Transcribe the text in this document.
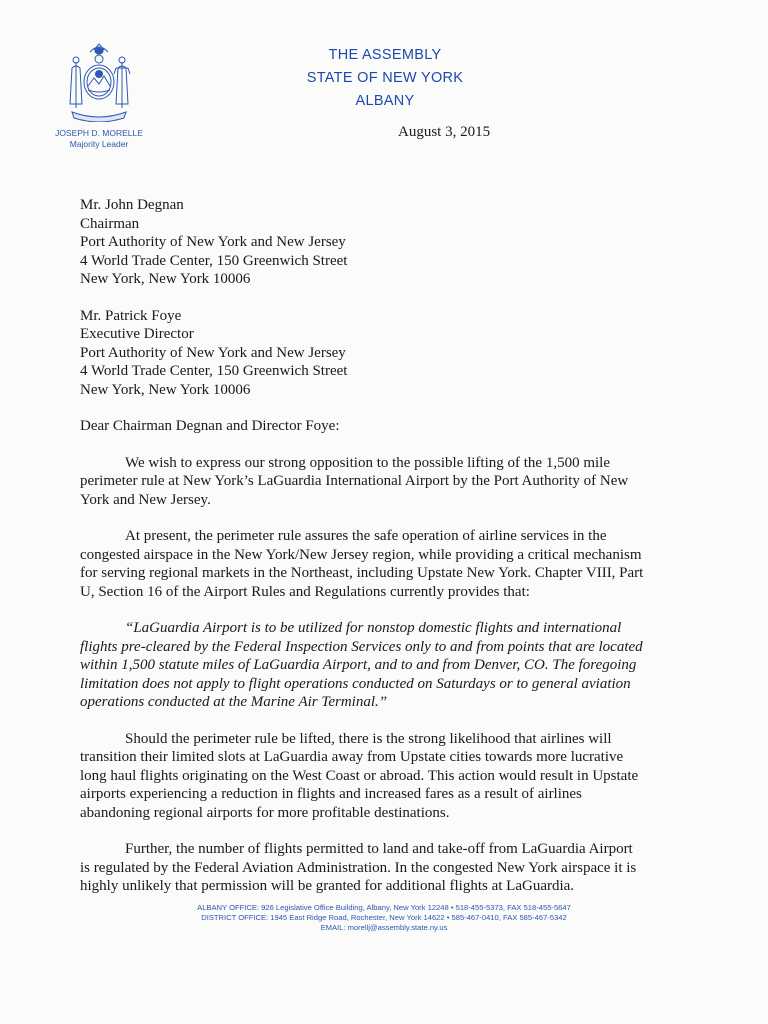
JOSEPH D. MORELLE
Majority Leader
THE ASSEMBLY
STATE OF NEW YORK
ALBANY
August 3, 2015
Mr. John Degnan
Chairman
Port Authority of New York and New Jersey
4 World Trade Center, 150 Greenwich Street
New York, New York 10006
Mr. Patrick Foye
Executive Director
Port Authority of New York and New Jersey
4 World Trade Center, 150 Greenwich Street
New York, New York 10006
Dear Chairman Degnan and Director Foye:

We wish to express our strong opposition to the possible lifting of the 1,500 mile perimeter rule at New York’s LaGuardia International Airport by the Port Authority of New York and New Jersey.

At present, the perimeter rule assures the safe operation of airline services in the congested airspace in the New York/New Jersey region, while providing a critical mechanism for serving regional markets in the Northeast, including Upstate New York. Chapter VIII, Part U, Section 16 of the Airport Rules and Regulations currently provides that:

“LaGuardia Airport is to be utilized for nonstop domestic flights and international flights pre-cleared by the Federal Inspection Services only to and from points that are located within 1,500 statute miles of LaGuardia Airport, and to and from Denver, CO. The foregoing limitation does not apply to flight operations conducted on Saturdays or to general aviation operations conducted at the Marine Air Terminal.”

Should the perimeter rule be lifted, there is the strong likelihood that airlines will transition their limited slots at LaGuardia away from Upstate cities towards more lucrative long haul flights originating on the West Coast or abroad. This action would result in Upstate airports experiencing a reduction in flights and increased fares as a result of airlines abandoning regional airports for more profitable destinations.

Further, the number of flights permitted to land and take-off from LaGuardia Airport is regulated by the Federal Aviation Administration. In the congested New York airspace it is highly unlikely that permission will be granted for additional flights at LaGuardia.

ALBANY OFFICE: 926 Legislative Office Building, Albany, New York 12248 • 518-455-5373, FAX 518-455-5647
DISTRICT OFFICE: 1945 East Ridge Road, Rochester, New York 14622 • 585-467-0410, FAX 585-467-5342
EMAIL: morellj@assembly.state.ny.us
